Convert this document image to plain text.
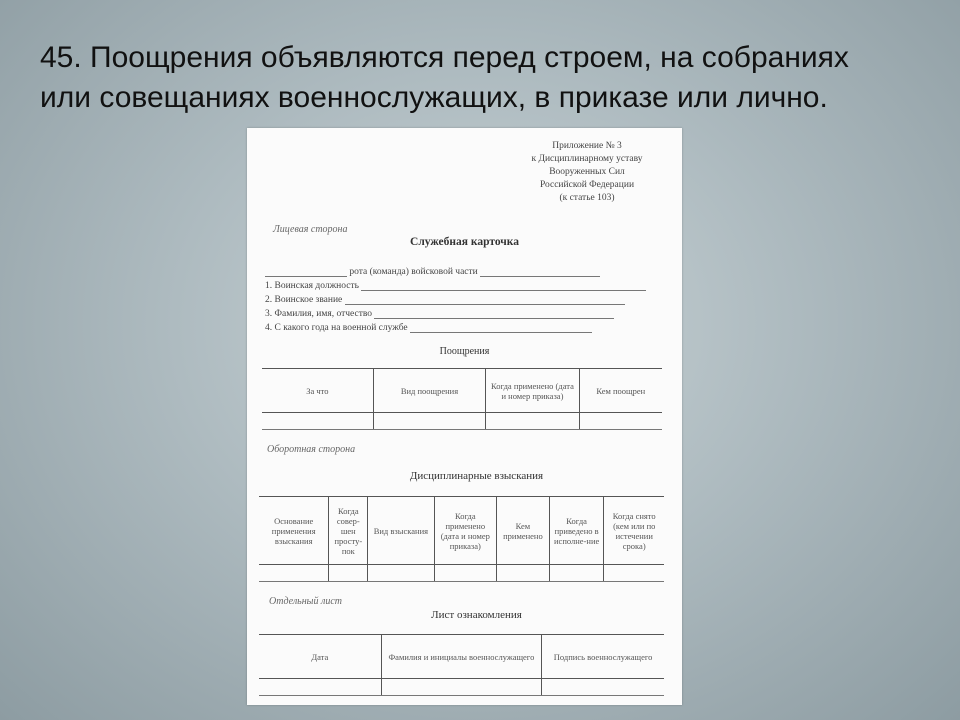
45. Поощрения объявляются перед строем, на собраниях
или совещаниях военнослужащих, в приказе или лично.
Приложение № 3
к Дисциплинарному уставу
Вооруженных Сил
Российской Федерации
(к статье 103)
Лицевая сторона
Служебная карточка
рота (команда) войсковой части
1. Воинская должность
2. Воинское звание
3. Фамилия, имя, отчество
4. С какого года на военной службе
Поощрения
За что	Вид поощрения	Когда применено (дата и номер приказа)	Кем поощрен

Оборотная сторона
Дисциплинарные взыскания
Основание применения взыскания	Когда совер-шен просту-пок	Вид взыскания	Когда применено (дата и номер приказа)	Кем применено	Когда приведено в исполне-ние	Когда снято (кем или по истечении срока)

Отдельный лист
Лист ознакомления
Дата	Фамилия и инициалы военнослужащего	Подпись военнослужащего
